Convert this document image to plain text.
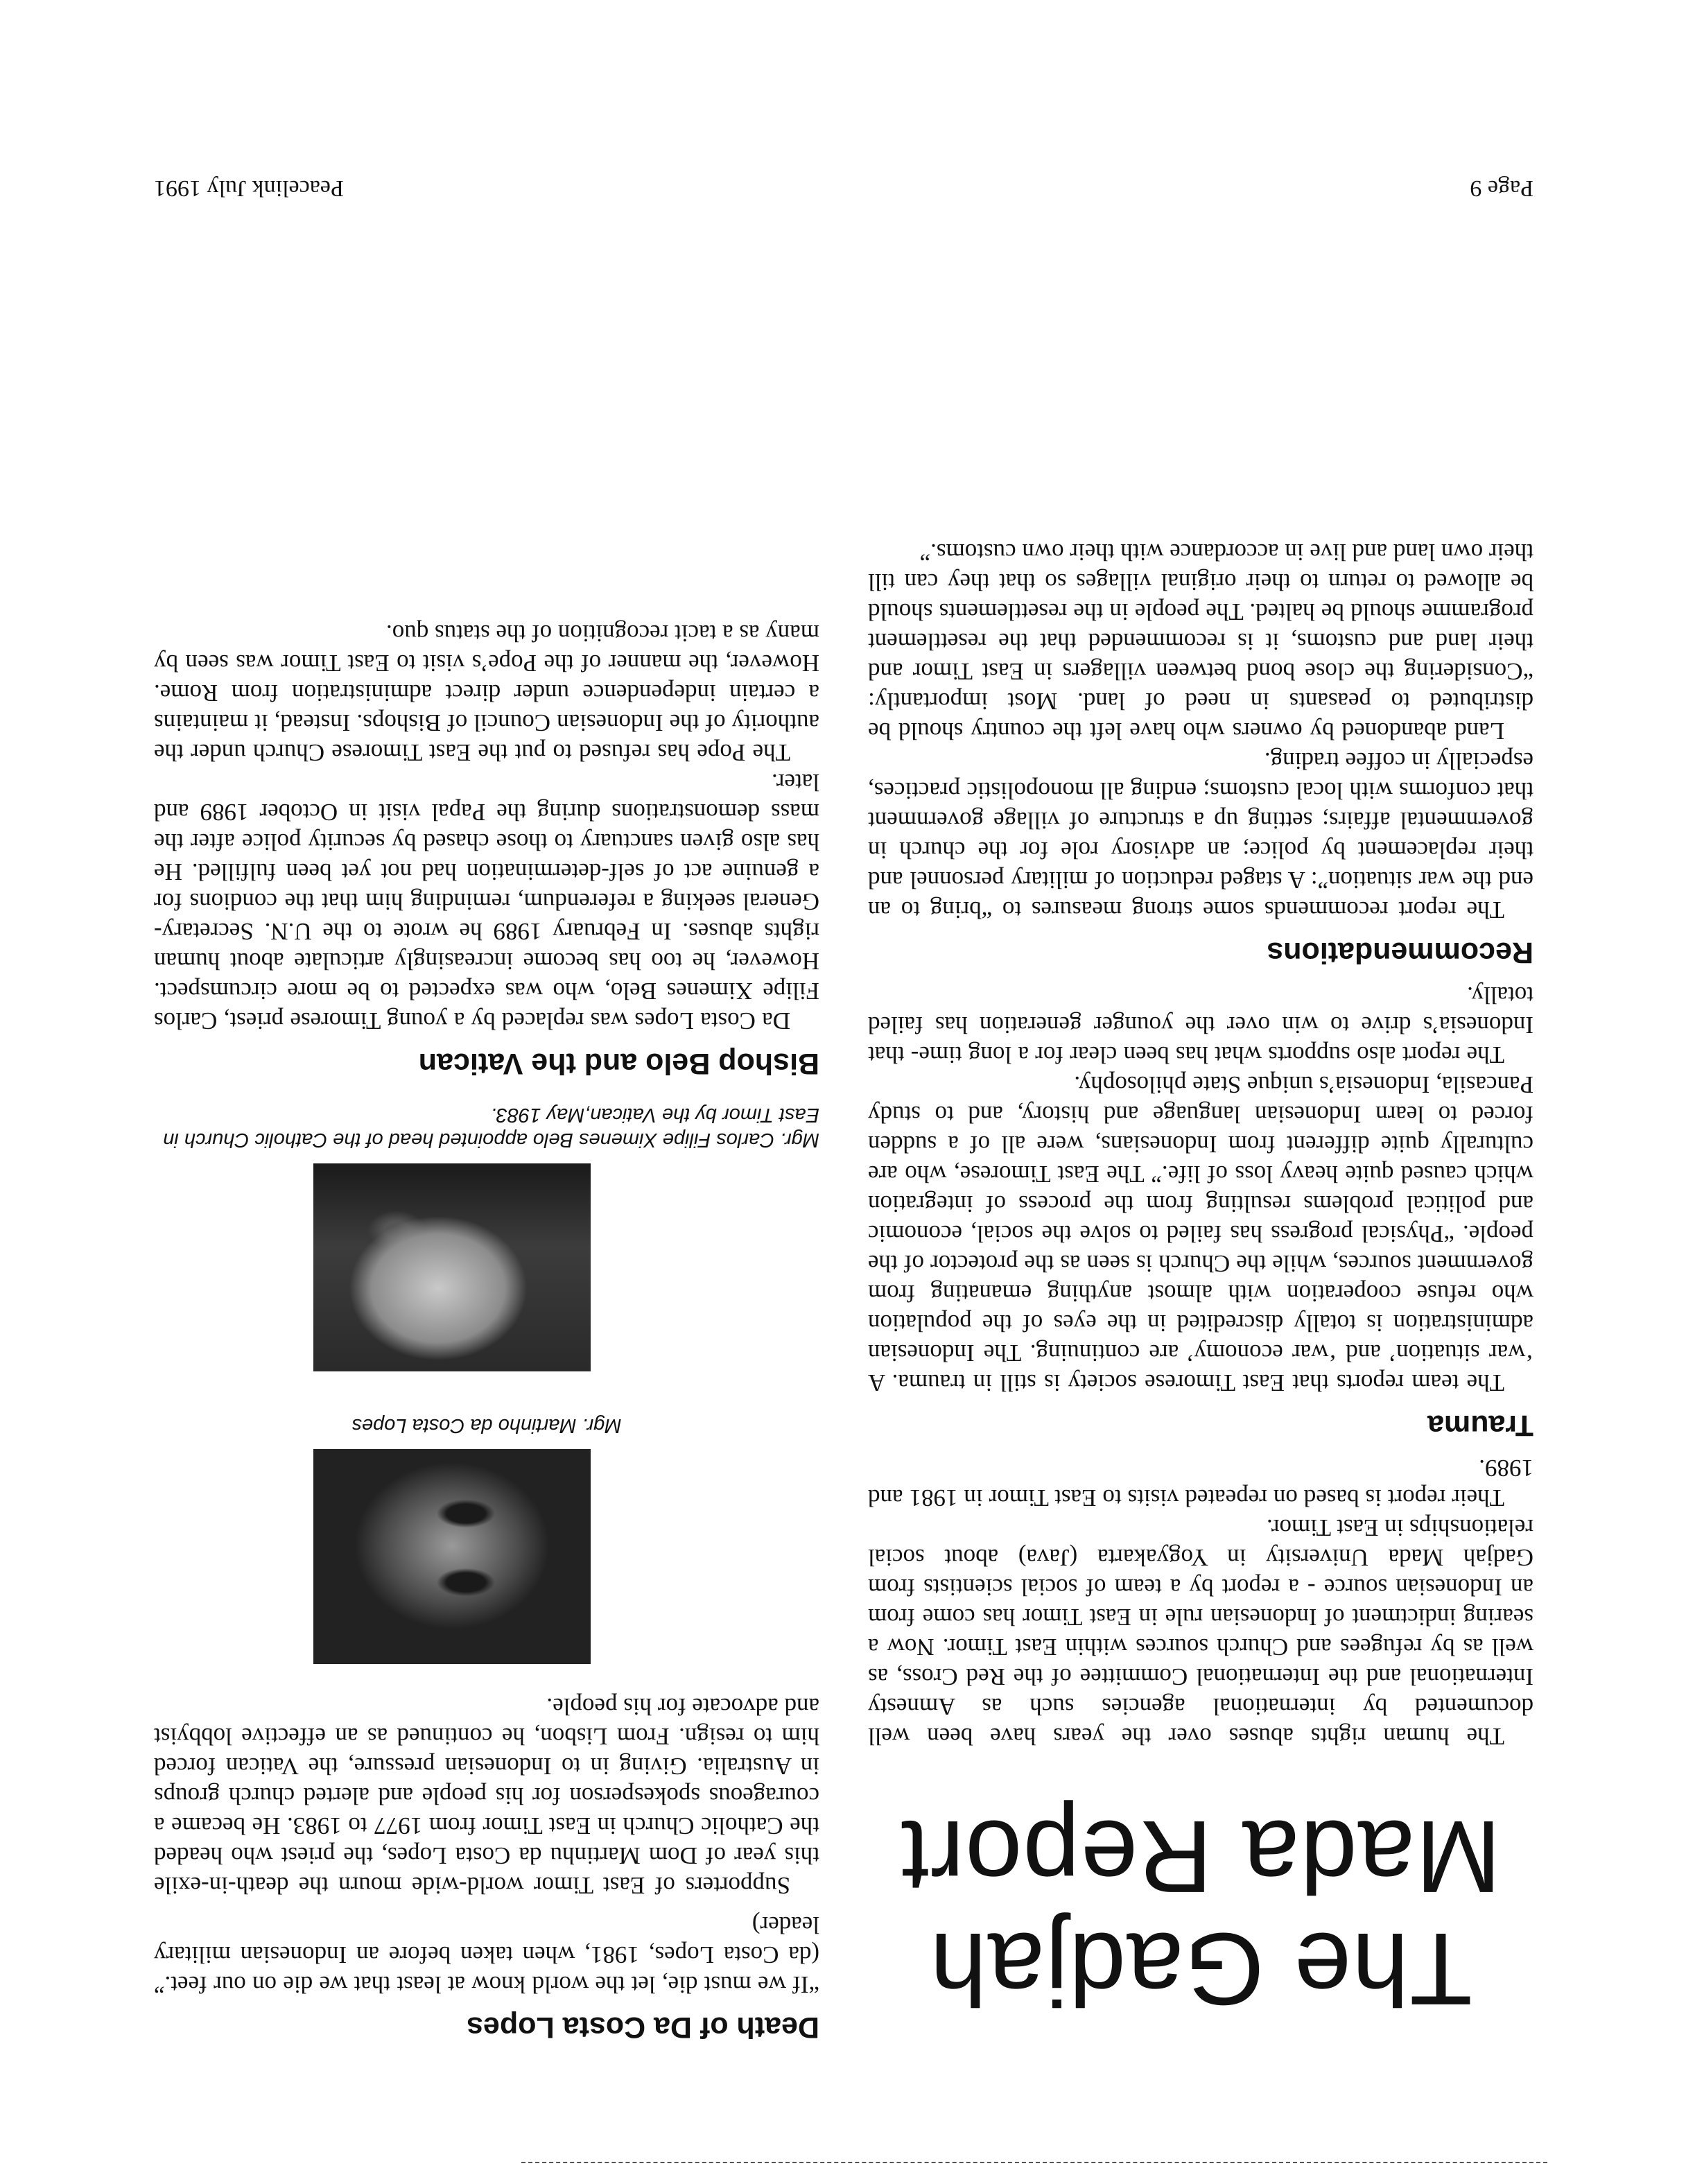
The Gadjah
Mada Report

The human rights abuses over the years have been well documented by international agencies such as Amnesty International and the International Committee of the Red Cross, as well as by refugees and Church sources within East Timor. Now a searing indictment of Indonesian rule in East Timor has come from an Indonesian source - a report by a team of social scientists from Gadjah Mada University in Yogyakarta (Java) about social relationships in East Timor.

Their report is based on repeated visits to East Timor in 1981 and 1989.

Trauma

The team reports that East Timorese society is still in trauma. A ‘war situation’ and ‘war economy’ are continuing. The Indonesian administration is totally discredited in the eyes of the population who refuse cooperation with almost anything emanating from government sources, while the Church is seen as the protector of the people. “Physical progress has failed to solve the social, economic and political problems resulting from the process of integration which caused quite heavy loss of life.” The East Timorese, who are culturally quite different from Indonesians, were all of a sudden forced to learn Indonesian language and history, and to study Pancasila, Indonesia’s unique State philosophy.

The report also supports what has been clear for a long time- that Indonesia’s drive to win over the younger generation has failed totally.

Recommendations

The report recommends some strong measures to “bring to an end the war situation”: A staged reduction of military personnel and their replacement by police; an advisory role for the church in governmental affairs; setting up a structure of village government that conforms with local customs; ending all monopolistic practices, especially in coffee trading.

Land abandoned by owners who have left the country should be distributed to peasants in need of land. Most importantly: “Considering the close bond between villagers in East Timor and their land and customs, it is recommended that the resettlement programme should be halted. The people in the resettlements should be allowed to return to their original villages so that they can till their own land and live in accordance with their own customs.”

Death of Da Costa Lopes

“If we must die, let the world know at least that we die on our feet.” (da Costa Lopes, 1981, when taken before an Indonesian military leader)

Supporters of East Timor world-wide mourn the death-in-exile this year of Dom Martinhu da Costa Lopes, the priest who headed the Catholic Church in East Timor from 1977 to 1983. He became a courageous spokesperson for his people and alerted church groups in Australia. Giving in to Indonesian pressure, the Vatican forced him to resign. From Lisbon, he continued as an effective lobbyist and advocate for his people.

Mgr. Martinho da Costa Lopes
Mgr. Carlos Filipe Ximenes Belo appointed head of the Catholic Church in East Timor by the Vatican,May 1983.
Bishop Belo and the Vatican

Da Costa Lopes was replaced by a young Timorese priest, Carlos Filipe Ximenes Belo, who was expected to be more circumspect. However, he too has become increasingly articulate about human rights abuses. In February 1989 he wrote to the U.N. Secretary-General seeking a referendum, reminding him that the condions for a genuine act of self-determination had not yet been fulfilled. He has also given sanctuary to those chased by security police after the mass demonstrations during the Papal visit in October 1989 and later.

The Pope has refused to put the East Timorese Church under the authority of the Indonesian Council of Bishops. Instead, it maintains a certain independence under direct administration from Rome. However, the manner of the Pope’s visit to East Timor was seen by many as a tacit recognition of the status quo.

Page 9
Peacelink July 1991
